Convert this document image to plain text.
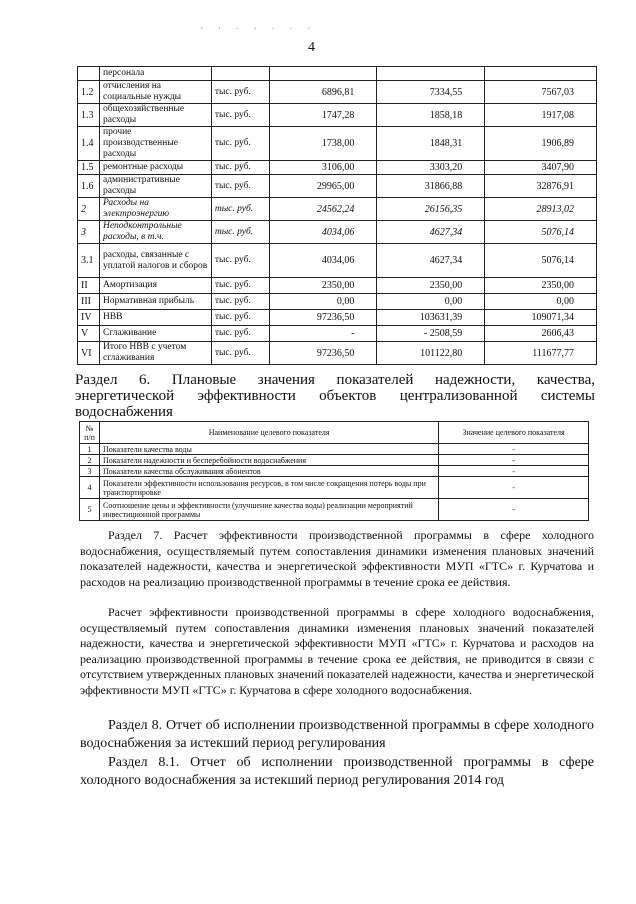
· · · · · · ·
4
	персонала				
1.2	отчисления на социальные нужды	тыс. руб.	6896,81	7334,55	7567,03
1.3	общехозяйственные расходы	тыс. руб.	1747,28	1858,18	1917,08
1.4	прочие производственные расходы	тыс. руб.	1738,00	1848,31	1906,89
1.5	ремонтные расходы	тыс. руб.	3106,00	3303,20	3407,90
1.6	административные расходы	тыс. руб.	29965,00	31866,88	32876,91
2	Расходы на электроэнергию	тыс. руб.	24562,24	26156,35	28913,02
3	Неподконтрольные расходы, в т.ч.	тыс. руб.	4034,06	4627,34	5076,14
3.1	расходы, связанные с уплатой налогов и сборов	тыс. руб.	4034,06	4627,34	5076,14
II	Амортизация	тыс. руб.	2350,00	2350,00	2350,00
III	Нормативная прибыль	тыс. руб.	0,00	0,00	0,00
IV	НВВ	тыс. руб.	97236,50	103631,39	109071,34
V	Сглаживание	тыс. руб.	-	- 2508,59	2606,43
VI	Итого НВВ с учетом сглаживания	тыс. руб.	97236,50	101122,80	111677,77
Раздел 6. Плановые значения показателей надежности, качества,
энергетической эффективности объектов централизованной системы
водоснабжения
№ п/п	Наименование целевого показателя	Значение целевого показателя
1	Показатели качества воды	-
2	Показатели надежности и бесперебойности водоснабжения	-
3	Показатели качества обслуживания абонентов	-
4	Показатели эффективности использования ресурсов, в том числе сокращения потерь воды при транспортировке	-
5	Соотношение цены и эффективности (улучшение качества воды) реализации мероприятий инвестиционной программы	-
Раздел 7. Расчет эффективности производственной программы в сфере холодного водоснабжения, осуществляемый путем сопоставления динамики изменения плановых значений показателей надежности, качества и энергетической эффективности МУП «ГТС» г. Курчатова и расходов на реализацию производственной программы в течение срока ее действия.
Расчет эффективности производственной программы в сфере холодного водоснабжения, осуществляемый путем сопоставления динамики изменения плановых значений показателей надежности, качества и энергетической эффективности МУП «ГТС» г. Курчатова и расходов на реализацию производственной программы в течение срока ее действия, не приводится в связи с отсутствием утвержденных плановых значений показателей надежности, качества и энергетической эффективности МУП «ГТС» г. Курчатова в сфере холодного водоснабжения.
Раздел 8. Отчет об исполнении производственной программы в сфере холодного водоснабжения за истекший период регулирования
Раздел 8.1. Отчет об исполнении производственной программы в сфере холодного водоснабжения за истекший период регулирования 2014 год
